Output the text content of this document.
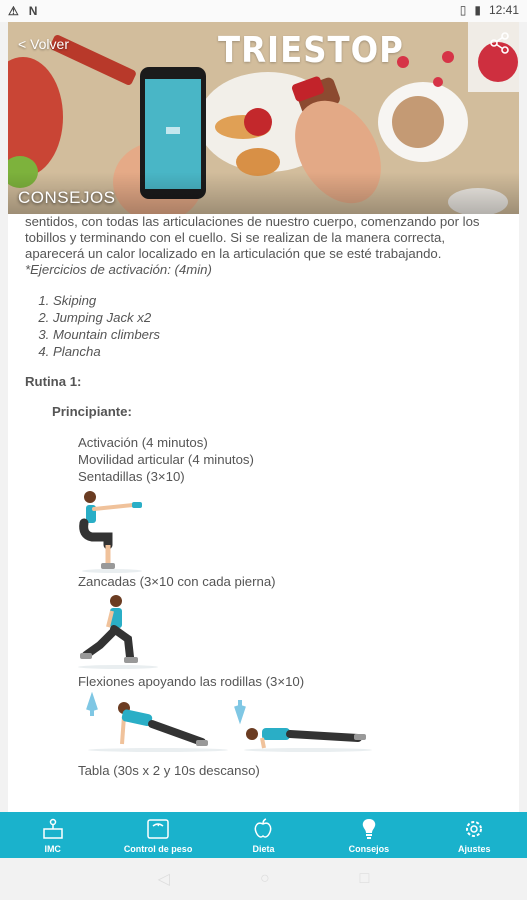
⚠ N	▯ ▮ 12:41
< Volver	TRIESTOP
CONSEJOS

sentidos, con todas las articulaciones de nuestro cuerpo, comenzando por los tobillos y terminando con el cuello. Si se realizan de la manera correcta, aparecerá un calor localizado en la articulación que se esté trabajando.

*Ejercicios de activación: (4min)

1. Skiping
2. Jumping Jack x2
3. Mountain climbers
4. Plancha
Rutina 1:
Principiante:
Activación (4 minutos)
Movilidad articular (4 minutos)
Sentadillas (3×10)
Zancadas (3×10 con cada pierna)
Flexiones apoyando las rodillas (3×10)
Tabla (30s x 2 y 10s descanso)
IMC	Control de peso	Dieta	Consejos	Ajustes
◁	○	□
